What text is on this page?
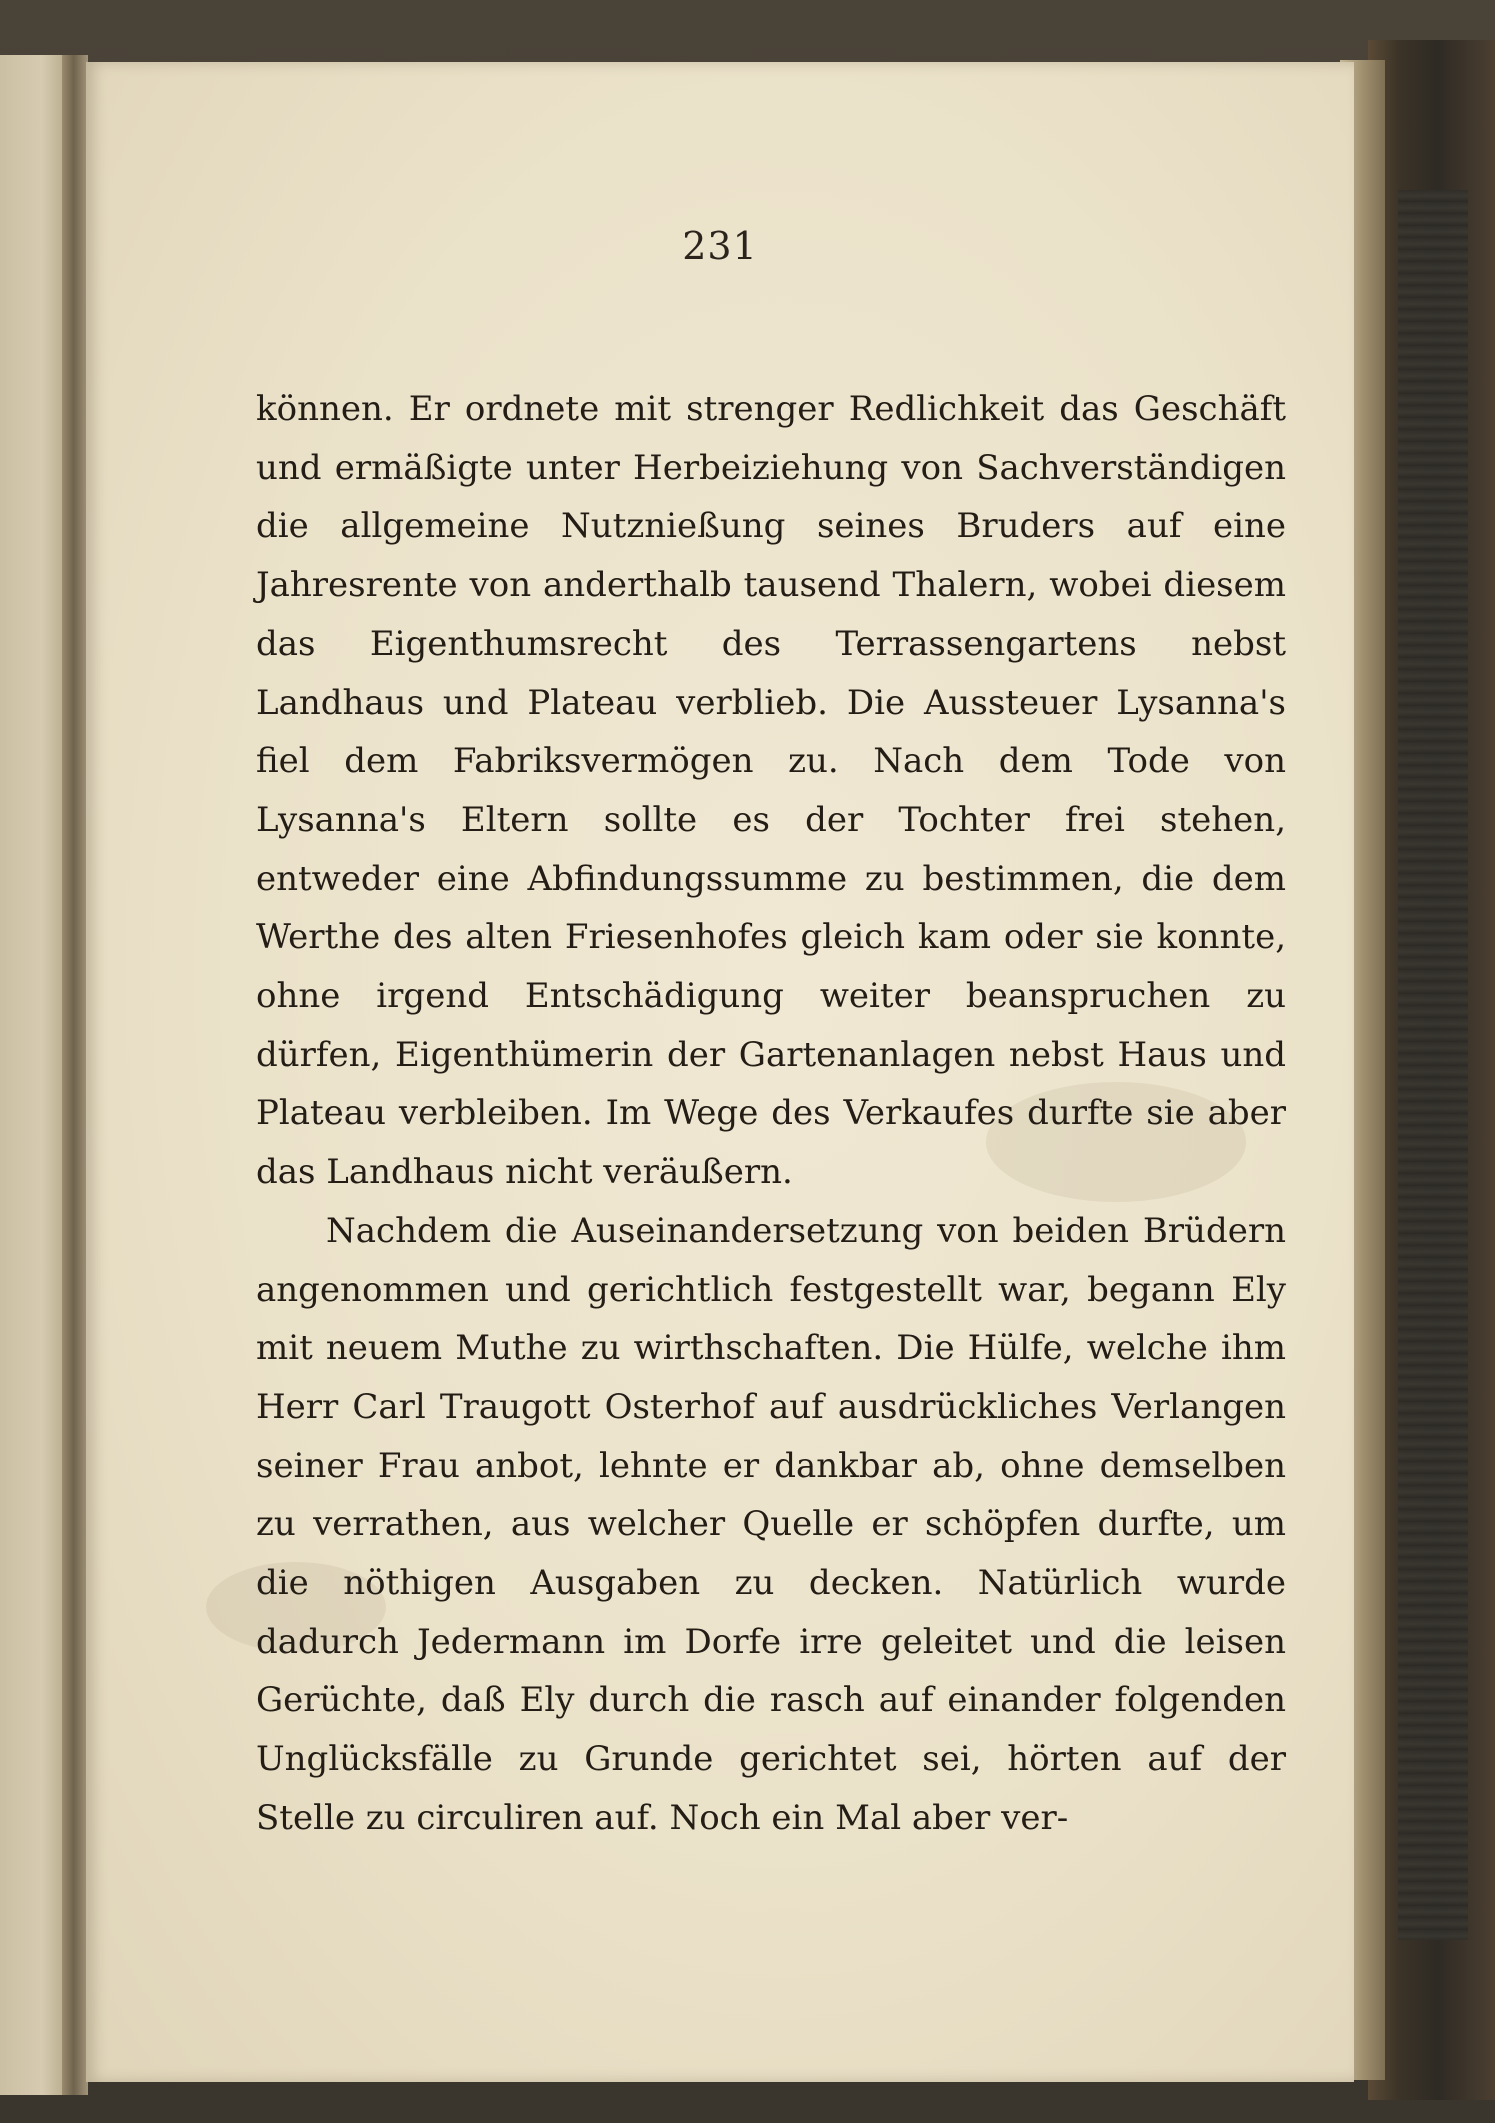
231

können. Er ordnete mit strenger Redlichkeit das Geschäft und ermäßigte unter Herbeiziehung von Sachverständigen die allgemeine Nutznießung seines Bruders auf eine Jahresrente von anderthalb tausend Thalern, wobei diesem das Eigenthumsrecht des Terrassengartens nebst Landhaus und Plateau verblieb. Die Aussteuer Lysanna's fiel dem Fabriksvermögen zu. Nach dem Tode von Lysanna's Eltern sollte es der Tochter frei stehen, entweder eine Abfindungssumme zu bestimmen, die dem Werthe des alten Friesenhofes gleich kam oder sie konnte, ohne irgend Entschädigung weiter beanspruchen zu dürfen, Eigenthümerin der Gartenanlagen nebst Haus und Plateau verbleiben. Im Wege des Verkaufes durfte sie aber das Landhaus nicht veräußern.

Nachdem die Auseinandersetzung von beiden Brüdern angenommen und gerichtlich festgestellt war, begann Ely mit neuem Muthe zu wirthschaften. Die Hülfe, welche ihm Herr Carl Traugott Osterhof auf ausdrückliches Verlangen seiner Frau anbot, lehnte er dankbar ab, ohne demselben zu verrathen, aus welcher Quelle er schöpfen durfte, um die nöthigen Ausgaben zu decken. Natürlich wurde dadurch Jedermann im Dorfe irre geleitet und die leisen Gerüchte, daß Ely durch die rasch auf einander folgenden Unglücksfälle zu Grunde gerichtet sei, hörten auf der Stelle zu circuliren auf. Noch ein Mal aber ver-
